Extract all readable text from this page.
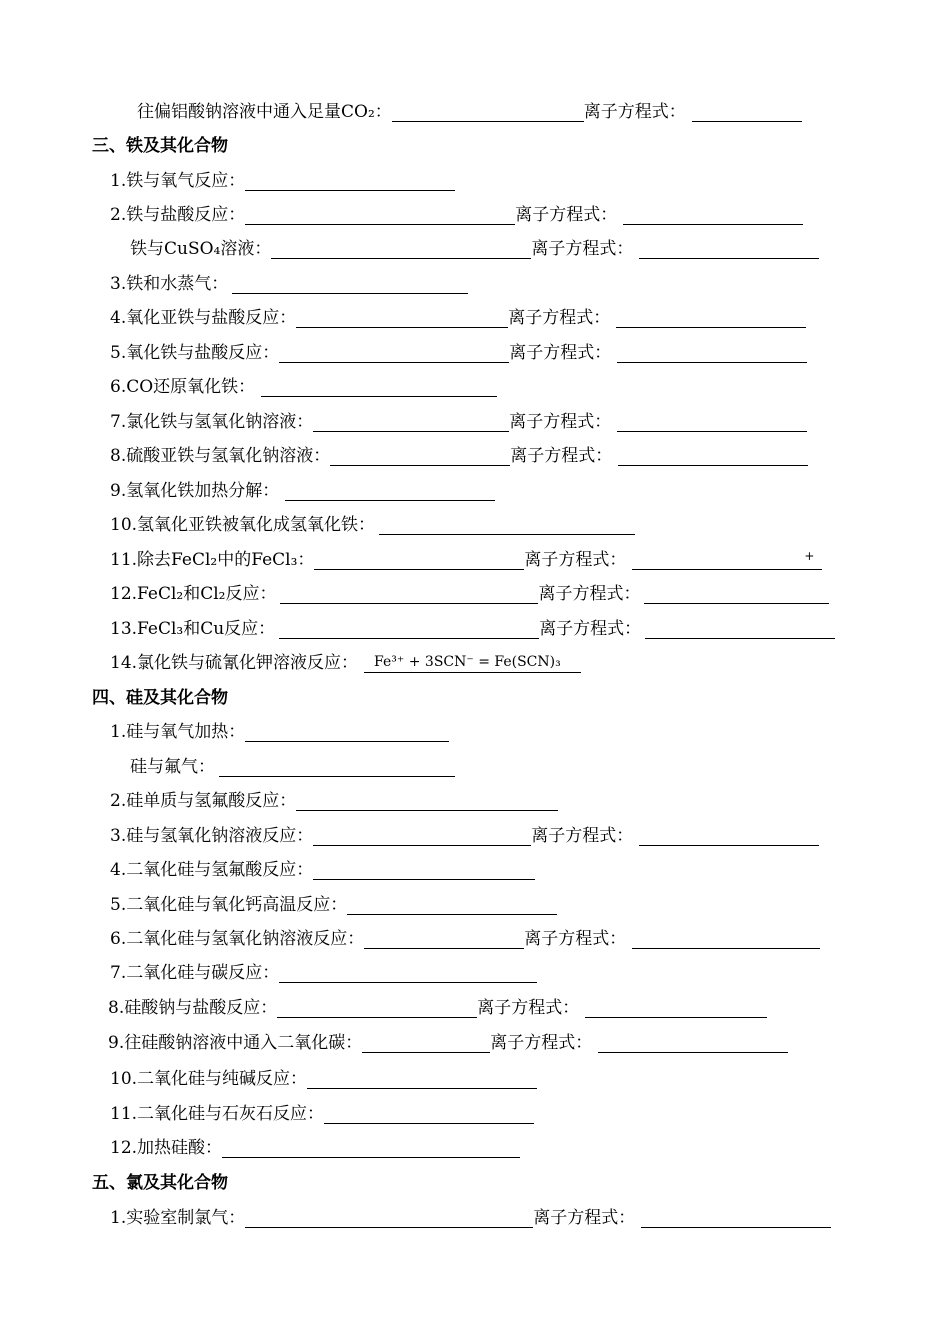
往偏铝酸钠溶液中通入足量CO₂：	离子方程式：
三、铁及其化合物
1.铁与氧气反应：
2.铁与盐酸反应：	离子方程式：
铁与CuSO₄溶液：	离子方程式：
3.铁和水蒸气：
4.氧化亚铁与盐酸反应：	离子方程式：
5.氧化铁与盐酸反应：	离子方程式：
6.CO还原氧化铁：
7.氯化铁与氢氧化钠溶液：	离子方程式：
8.硫酸亚铁与氢氧化钠溶液：	离子方程式：
9.氢氧化铁加热分解：
10.氢氧化亚铁被氧化成氢氧化铁：
11.除去FeCl₂中的FeCl₃：	离子方程式：	+
12.FeCl₂和Cl₂反应：	离子方程式：
13.FeCl₃和Cu反应：	离子方程式：
14.氯化铁与硫氰化钾溶液反应：	Fe³⁺ + 3SCN⁻ = Fe(SCN)₃
四、硅及其化合物
1.硅与氧气加热：
硅与氟气：
2.硅单质与氢氟酸反应：
3.硅与氢氧化钠溶液反应：	离子方程式：
4.二氧化硅与氢氟酸反应：
5.二氧化硅与氧化钙高温反应：
6.二氧化硅与氢氧化钠溶液反应：	离子方程式：
7.二氧化硅与碳反应：
8.硅酸钠与盐酸反应：	离子方程式：
9.往硅酸钠溶液中通入二氧化碳：	离子方程式：
10.二氧化硅与纯碱反应：
11.二氧化硅与石灰石反应：
12.加热硅酸：
五、氯及其化合物
1.实验室制氯气：	离子方程式：
